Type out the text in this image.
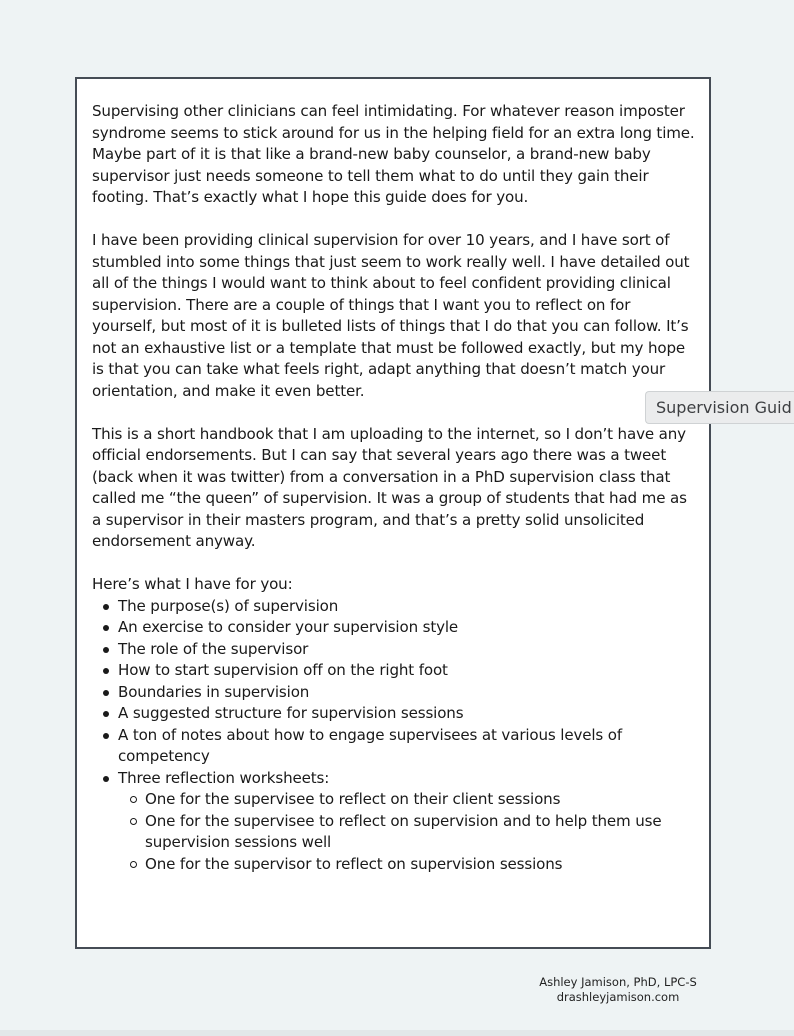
Supervising other clinicians can feel intimidating. For whatever reason imposter syndrome seems to stick around for us in the helping field for an extra long time. Maybe part of it is that like a brand-new baby counselor, a brand-new baby supervisor just needs someone to tell them what to do until they gain their footing. That’s exactly what I hope this guide does for you.

I have been providing clinical supervision for over 10 years, and I have sort of stumbled into some things that just seem to work really well. I have detailed out all of the things I would want to think about to feel confident providing clinical supervision. There are a couple of things that I want you to reflect on for yourself, but most of it is bulleted lists of things that I do that you can follow. It’s not an exhaustive list or a template that must be followed exactly, but my hope is that you can take what feels right, adapt anything that doesn’t match your orientation, and make it even better.

This is a short handbook that I am uploading to the internet, so I don’t have any official endorsements. But I can say that several years ago there was a tweet (back when it was twitter) from a conversation in a PhD supervision class that called me “the queen” of supervision. It was a group of students that had me as a supervisor in their masters program, and that’s a pretty solid unsolicited endorsement anyway.

Here’s what I have for you:

The purpose(s) of supervision
An exercise to consider your supervision style
The role of the supervisor
How to start supervision off on the right foot
Boundaries in supervision
A suggested structure for supervision sessions
A ton of notes about how to engage supervisees at various levels of competency
Three reflection worksheets:
One for the supervisee to reflect on their client sessions
One for the supervisee to reflect on supervision and to help them use supervision sessions well
One for the supervisor to reflect on supervision sessions
Supervision Guid
Ashley Jamison, PhD, LPC-S
drashleyjamison.com
